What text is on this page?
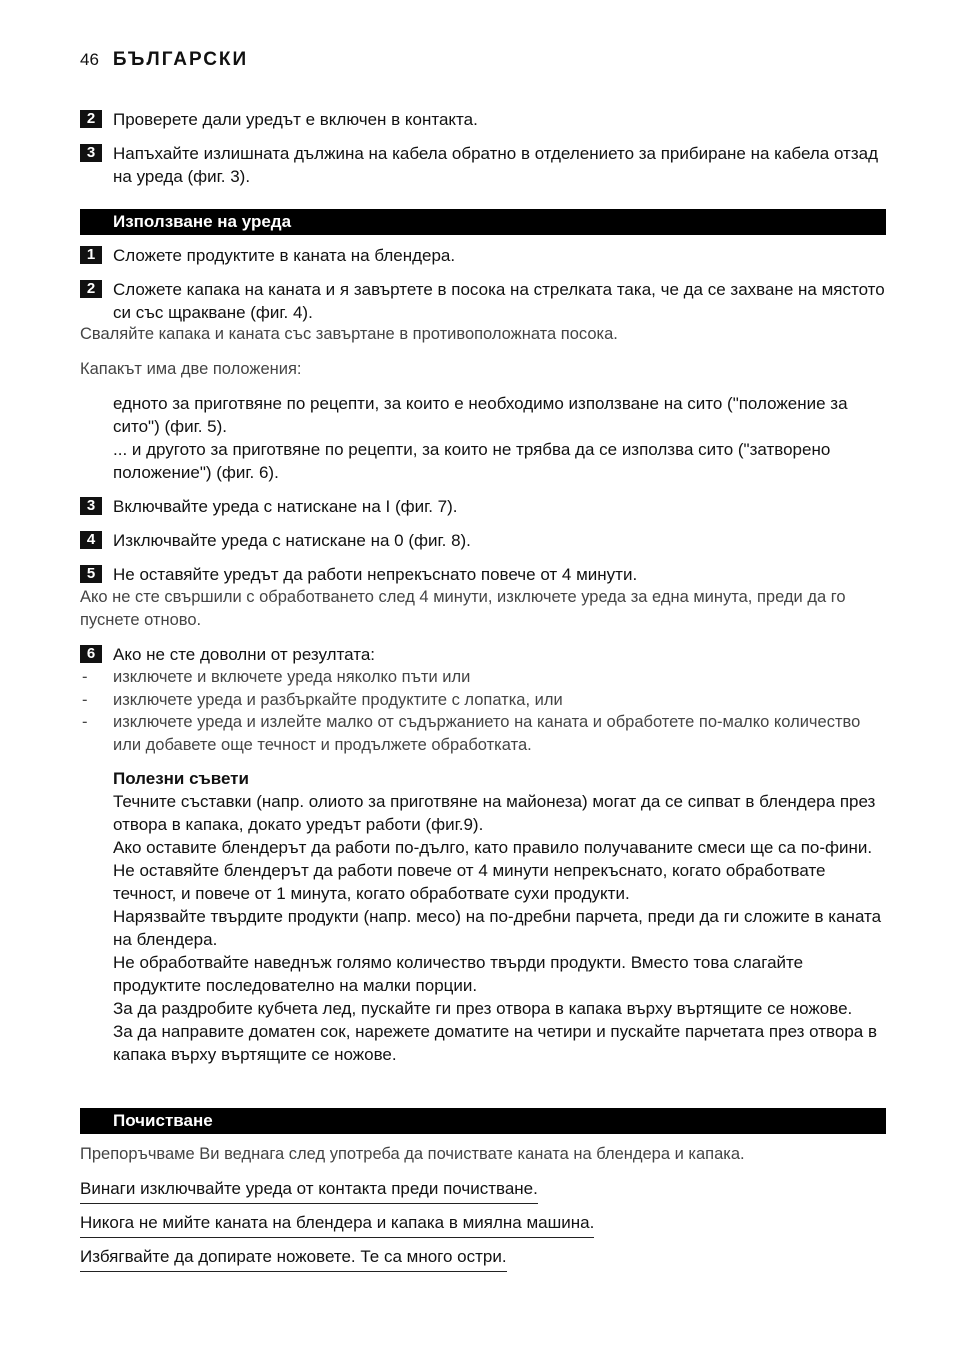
46 БЪЛГАРСКИ
2	Проверете дали уредът е включен в контакта.
3	Напъхайте излишната дължина на кабела обратно в отделението за прибиране на кабела отзад на уреда (фиг. 3).
Използване на уреда
1	Сложете продуктите в каната на блендера.
2	Сложете капака на каната и я завъртете в посока на стрелката така, че да се захване на мястото си със щракване (фиг. 4).
Сваляйте капака и каната със завъртане в противоположната посока.
Капакът има две положения:
едното за приготвяне по рецепти, за които е необходимо използване на сито ("положение за сито") (фиг. 5).
... и другото за приготвяне по рецепти, за които не трябва да се използва сито ("затворено положение") (фиг. 6).
3	Включвайте уреда с натискане на I (фиг. 7).
4	Изключвайте уреда с натискане на 0 (фиг. 8).
5	Не оставяйте уредът да работи непрекъснато повече от 4 минути.
Ако не сте свършили с обработването след 4 минути, изключете уреда за една минута, преди да го пуснете отново.
6	Ако не сте доволни от резултата:
- изключете и включете уреда няколко пъти или
- изключете уреда и разбъркайте продуктите с лопатка, или
- изключете уреда и излейте малко от съдържанието на каната и обработете по-малко количество или добавете още течност и продължете обработката.
Полезни съвети
Течните съставки (напр. олиото за приготвяне на майонеза) могат да се сипват в блендера през отвора в капака, докато уредът работи (фиг.9).
Ако оставите блендерът да работи по-дълго, като правило получаваните смеси ще са по-фини. Не оставяйте блендерът да работи повече от 4 минути непрекъснато, когато обработвате течност, и повече от 1 минута, когато обработвате сухи продукти.
Нарязвайте твърдите продукти (напр. месо) на по-дребни парчета, преди да ги сложите в каната на блендера.
Не обработвайте наведнъж голямо количество твърди продукти. Вместо това слагайте продуктите последователно на малки порции.
За да раздробите кубчета лед, пускайте ги през отвора в капака върху въртящите се ножове.
За да направите доматен сок, нарежете доматите на четири и пускайте парчетата през отвора в капака върху въртящите се ножове.
Почистване
Препоръчваме Ви веднага след употреба да почиствате каната на блендера и капака.
Винаги изключвайте уреда от контакта преди почистване.
Никога не мийте каната на блендера и капака в миялна машина.
Избягвайте да допирате ножовете. Те са много остри.
